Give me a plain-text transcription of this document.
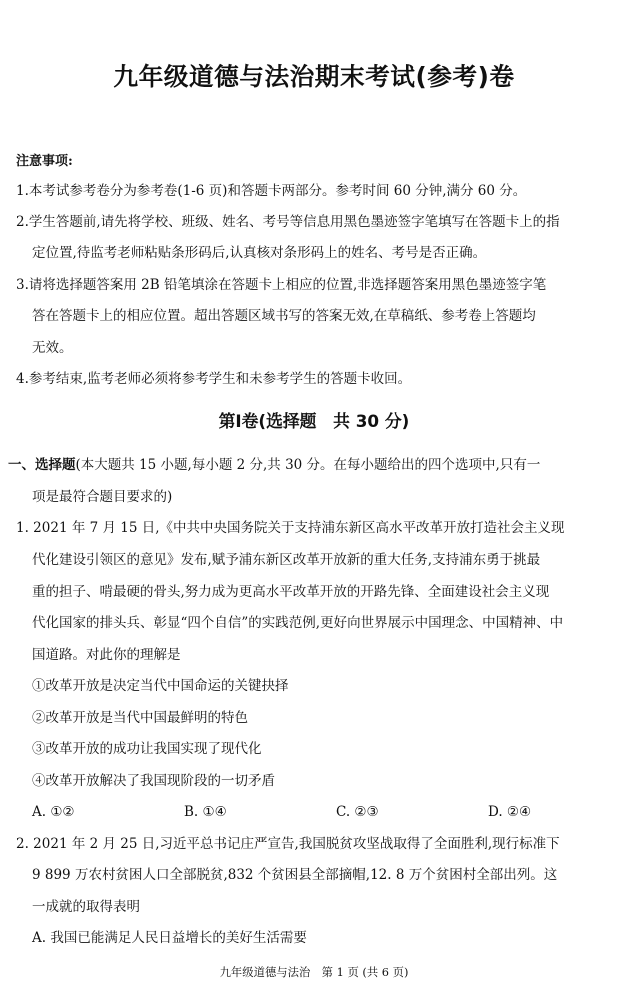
九年级道德与法治期末考试(参考)卷
注意事项:
1.本考试参考卷分为参考卷(1-6 页)和答题卡两部分。参考时间 60 分钟,满分 60 分。
2.学生答题前,请先将学校、班级、姓名、考号等信息用黑色墨迹签字笔填写在答题卡上的指
定位置,待监考老师粘贴条形码后,认真核对条形码上的姓名、考号是否正确。
3.请将选择题答案用 2B 铅笔填涂在答题卡上相应的位置,非选择题答案用黑色墨迹签字笔
答在答题卡上的相应位置。超出答题区域书写的答案无效,在草稿纸、参考卷上答题均
无效。
4.参考结束,监考老师必须将参考学生和未参考学生的答题卡收回。
第Ⅰ卷(选择题　共 30 分)
一、选择题(本大题共 15 小题,每小题 2 分,共 30 分。在每小题给出的四个选项中,只有一
项是最符合题目要求的)
1. 2021 年 7 月 15 日,《中共中央国务院关于支持浦东新区高水平改革开放打造社会主义现
代化建设引领区的意见》发布,赋予浦东新区改革开放新的重大任务,支持浦东勇于挑最
重的担子、啃最硬的骨头,努力成为更高水平改革开放的开路先锋、全面建设社会主义现
代化国家的排头兵、彰显“四个自信”的实践范例,更好向世界展示中国理念、中国精神、中
国道路。对此你的理解是
①改革开放是决定当代中国命运的关键抉择
②改革开放是当代中国最鲜明的特色
③改革开放的成功让我国实现了现代化
④改革开放解决了我国现阶段的一切矛盾
A. ①②	B. ①④	C. ②③	D. ②④
2. 2021 年 2 月 25 日,习近平总书记庄严宣告,我国脱贫攻坚战取得了全面胜利,现行标准下
9 899 万农村贫困人口全部脱贫,832 个贫困县全部摘帽,12. 8 万个贫困村全部出列。这
一成就的取得表明
A. 我国已能满足人民日益增长的美好生活需要
九年级道德与法治　第 1 页 (共 6 页)
